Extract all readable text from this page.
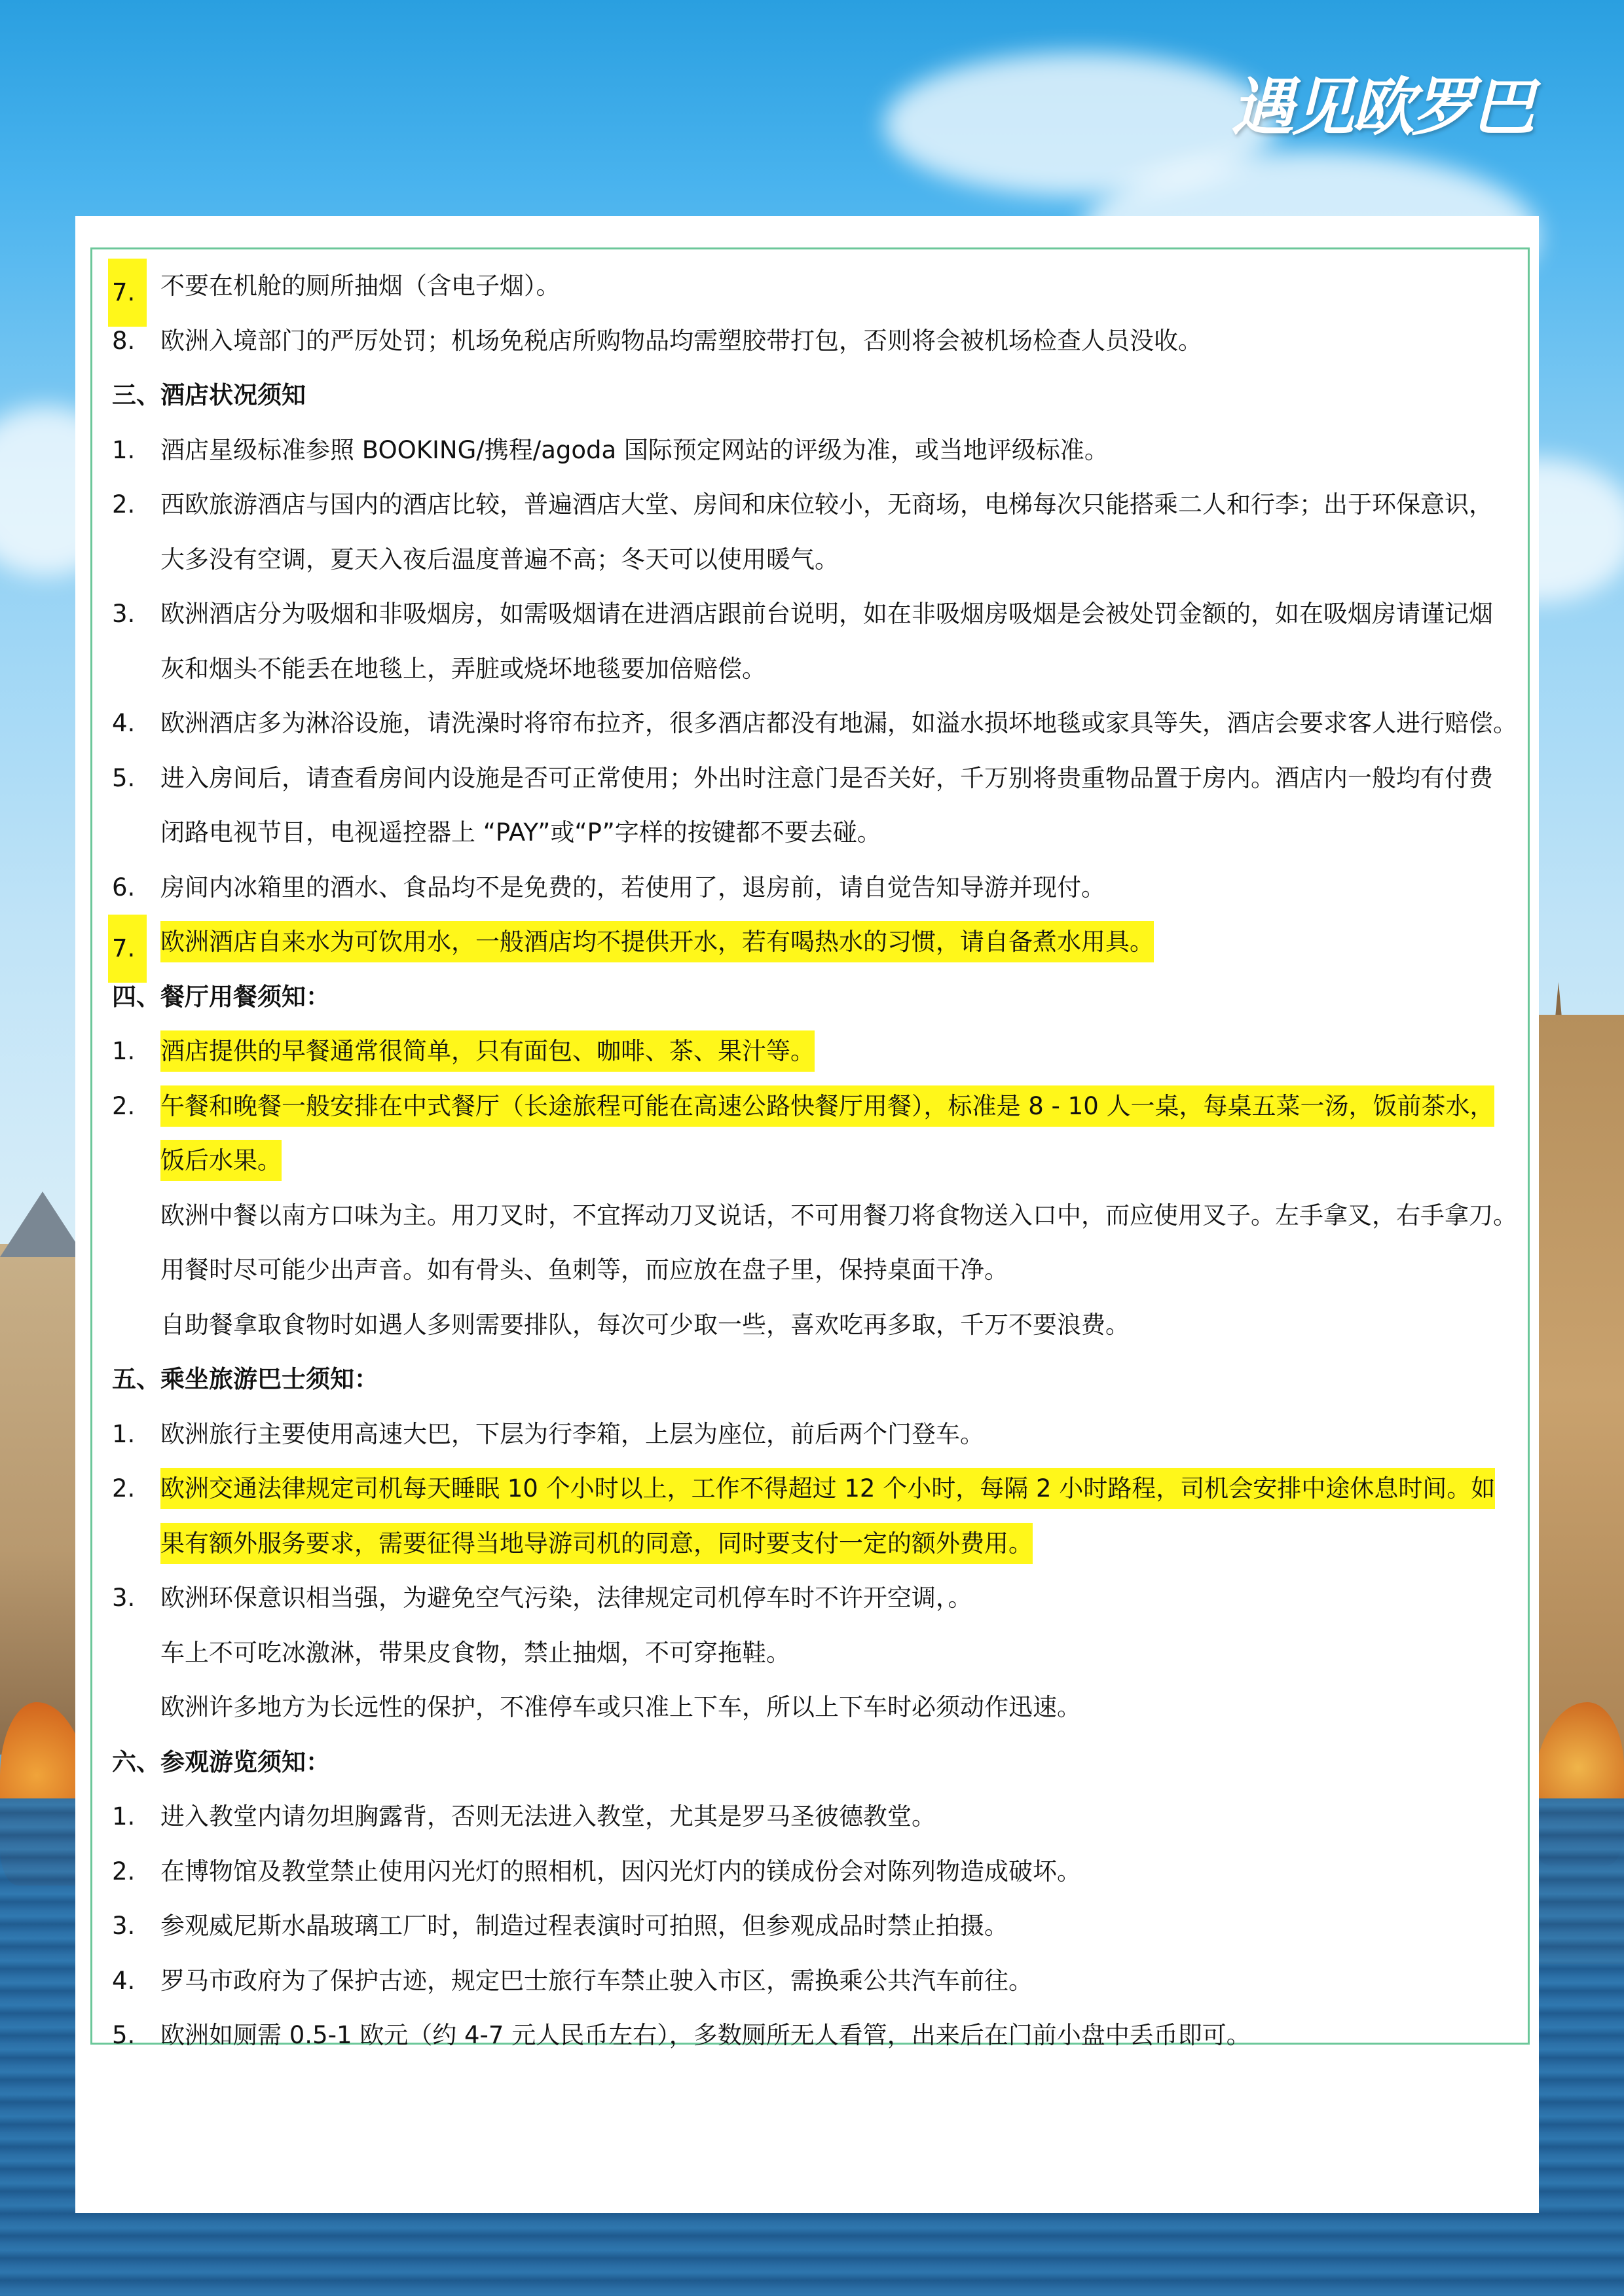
遇见欧罗巴
7.	不要在机舱的厕所抽烟（含电子烟）。
8. 欧洲入境部门的严厉处罚；机场免税店所购物品均需塑胶带打包，否则将会被机场检查人员没收。
三、酒店状况须知
1. 酒店星级标准参照 BOOKING/携程/agoda 国际预定网站的评级为准，或当地评级标准。
2. 西欧旅游酒店与国内的酒店比较，普遍酒店大堂、房间和床位较小，无商场，电梯每次只能搭乘二人和行李；出于环保意识，
大多没有空调，夏天入夜后温度普遍不高；冬天可以使用暖气。
3. 欧洲酒店分为吸烟和非吸烟房，如需吸烟请在进酒店跟前台说明，如在非吸烟房吸烟是会被处罚金额的，如在吸烟房请谨记烟
灰和烟头不能丢在地毯上，弄脏或烧坏地毯要加倍赔偿。
4. 欧洲酒店多为淋浴设施，请洗澡时将帘布拉齐，很多酒店都没有地漏，如溢水损坏地毯或家具等失，酒店会要求客人进行赔偿。
5. 进入房间后，请查看房间内设施是否可正常使用；外出时注意门是否关好，千万别将贵重物品置于房内。酒店内一般均有付费
闭路电视节目，电视遥控器上 “PAY”或“P”字样的按键都不要去碰。
6. 房间内冰箱里的酒水、食品均不是免费的，若使用了，退房前，请自觉告知导游并现付。
7.	欧洲酒店自来水为可饮用水，一般酒店均不提供开水，若有喝热水的习惯，请自备煮水用具。
四、餐厅用餐须知：
1. 酒店提供的早餐通常很简单，只有面包、咖啡、茶、果汁等。
2. 午餐和晚餐一般安排在中式餐厅（长途旅程可能在高速公路快餐厅用餐），标准是 8 - 10 人一桌，每桌五菜一汤，饭前茶水，
饭后水果。
欧洲中餐以南方口味为主。用刀叉时，不宜挥动刀叉说话，不可用餐刀将食物送入口中，而应使用叉子。左手拿叉，右手拿刀。
用餐时尽可能少出声音。如有骨头、鱼刺等，而应放在盘子里，保持桌面干净。
自助餐拿取食物时如遇人多则需要排队，每次可少取一些，喜欢吃再多取，千万不要浪费。
五、乘坐旅游巴士须知：
1. 欧洲旅行主要使用高速大巴，下层为行李箱，上层为座位，前后两个门登车。
2. 欧洲交通法律规定司机每天睡眠 10 个小时以上，工作不得超过 12 个小时，每隔 2 小时路程，司机会安排中途休息时间。如
果有额外服务要求，需要征得当地导游司机的同意，同时要支付一定的额外费用。
3. 欧洲环保意识相当强，为避免空气污染，法律规定司机停车时不许开空调，。
车上不可吃冰激淋，带果皮食物，禁止抽烟，不可穿拖鞋。
欧洲许多地方为长远性的保护，不准停车或只准上下车，所以上下车时必须动作迅速。
六、参观游览须知：
1. 进入教堂内请勿坦胸露背，否则无法进入教堂，尤其是罗马圣彼德教堂。
2. 在博物馆及教堂禁止使用闪光灯的照相机，因闪光灯内的镁成份会对陈列物造成破坏。
3. 参观威尼斯水晶玻璃工厂时，制造过程表演时可拍照，但参观成品时禁止拍摄。
4. 罗马市政府为了保护古迹，规定巴士旅行车禁止驶入市区，需换乘公共汽车前往。
5. 欧洲如厕需 0.5-1 欧元（约 4-7 元人民币左右），多数厕所无人看管，出来后在门前小盘中丢币即可。
